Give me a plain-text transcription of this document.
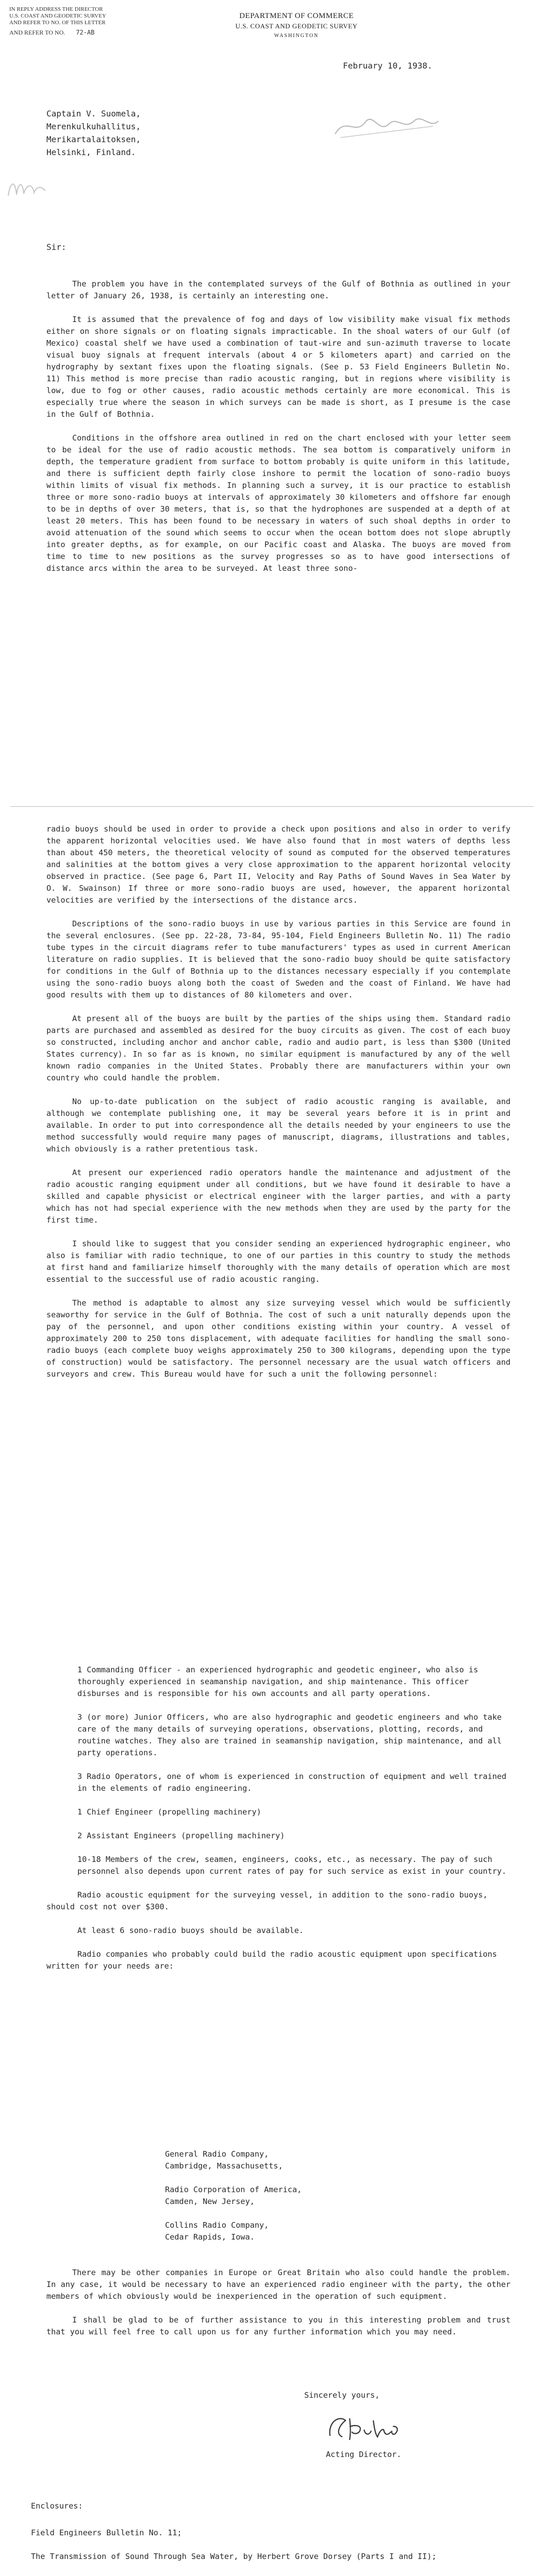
IN REPLY ADDRESS THE DIRECTOR
U.S. COAST AND GEODETIC SURVEY
AND REFER TO NO. OF THIS LETTER
AND REFER TO NO. 72-AB
DEPARTMENT OF COMMERCE
U.S. COAST AND GEODETIC SURVEY
WASHINGTON
February 10, 1938.
Captain V. Suomela,
Merenkulkuhallitus,
Merikartalaitoksen,
Helsinki, Finland.
Sir:

The problem you have in the contemplated surveys of the Gulf of Bothnia as outlined in your letter of January 26, 1938, is certainly an interesting one.

It is assumed that the prevalence of fog and days of low visibility make visual fix methods either on shore signals or on floating signals impracticable. In the shoal waters of our Gulf (of Mexico) coastal shelf we have used a combination of taut-wire and sun-azimuth traverse to locate visual buoy signals at frequent intervals (about 4 or 5 kilometers apart) and carried on the hydrography by sextant fixes upon the floating signals. (See p. 53 Field Engineers Bulletin No. 11) This method is more precise than radio acoustic ranging, but in regions where visibility is low, due to fog or other causes, radio acoustic methods certainly are more economical. This is especially true where the season in which surveys can be made is short, as I presume is the case in the Gulf of Bothnia.

Conditions in the offshore area outlined in red on the chart enclosed with your letter seem to be ideal for the use of radio acoustic methods. The sea bottom is comparatively uniform in depth, the temperature gradient from surface to bottom probably is quite uniform in this latitude, and there is sufficient depth fairly close inshore to permit the location of sono-radio buoys within limits of visual fix methods. In planning such a survey, it is our practice to establish three or more sono-radio buoys at intervals of approximately 30 kilometers and offshore far enough to be in depths of over 30 meters, that is, so that the hydrophones are suspended at a depth of at least 20 meters. This has been found to be necessary in waters of such shoal depths in order to avoid attenuation of the sound which seems to occur when the ocean bottom does not slope abruptly into greater depths, as for example, on our Pacific coast and Alaska. The buoys are moved from time to time to new positions as the survey progresses so as to have good intersections of distance arcs within the area to be surveyed. At least three sono-

radio buoys should be used in order to provide a check upon positions and also in order to verify the apparent horizontal velocities used. We have also found that in most waters of depths less than about 450 meters, the theoretical velocity of sound as computed for the observed temperatures and salinities at the bottom gives a very close approximation to the apparent horizontal velocity observed in practice. (See page 6, Part II, Velocity and Ray Paths of Sound Waves in Sea Water by O. W. Swainson) If three or more sono-radio buoys are used, however, the apparent horizontal velocities are verified by the intersections of the distance arcs.

Descriptions of the sono-radio buoys in use by various parties in this Service are found in the several enclosures. (See pp. 22-28, 73-84, 95-104, Field Engineers Bulletin No. 11) The radio tube types in the circuit diagrams refer to tube manufacturers' types as used in current American literature on radio supplies. It is believed that the sono-radio buoy should be quite satisfactory for conditions in the Gulf of Bothnia up to the distances necessary especially if you contemplate using the sono-radio buoys along both the coast of Sweden and the coast of Finland. We have had good results with them up to distances of 80 kilometers and over.

At present all of the buoys are built by the parties of the ships using them. Standard radio parts are purchased and assembled as desired for the buoy circuits as given. The cost of each buoy so constructed, including anchor and anchor cable, radio and audio part, is less than $300 (United States currency). In so far as is known, no similar equipment is manufactured by any of the well known radio companies in the United States. Probably there are manufacturers within your own country who could handle the problem.

No up-to-date publication on the subject of radio acoustic ranging is available, and although we contemplate publishing one, it may be several years before it is in print and available. In order to put into correspondence all the details needed by your engineers to use the method successfully would require many pages of manuscript, diagrams, illustrations and tables, which obviously is a rather pretentious task.

At present our experienced radio operators handle the maintenance and adjustment of the radio acoustic ranging equipment under all conditions, but we have found it desirable to have a skilled and capable physicist or electrical engineer with the larger parties, and with a party which has not had special experience with the new methods when they are used by the party for the first time.

I should like to suggest that you consider sending an experienced hydrographic engineer, who also is familiar with radio technique, to one of our parties in this country to study the methods at first hand and familiarize himself thoroughly with the many details of operation which are most essential to the successful use of radio acoustic ranging.

The method is adaptable to almost any size surveying vessel which would be sufficiently seaworthy for service in the Gulf of Bothnia. The cost of such a unit naturally depends upon the pay of the personnel, and upon other conditions existing within your country. A vessel of approximately 200 to 250 tons displacement, with adequate facilities for handling the small sono-radio buoys (each complete buoy weighs approximately 250 to 300 kilograms, depending upon the type of construction) would be satisfactory. The personnel necessary are the usual watch officers and surveyors and crew. This Bureau would have for such a unit the following personnel:

1 Commanding Officer - an experienced hydrographic and geodetic engineer, who also is thoroughly experienced in seamanship navigation, and ship maintenance. This officer disburses and is responsible for his own accounts and all party operations.

3 (or more) Junior Officers, who are also hydrographic and geodetic engineers and who take care of the many details of surveying operations, observations, plotting, records, and routine watches. They also are trained in seamanship navigation, ship maintenance, and all party operations.

3 Radio Operators, one of whom is experienced in construction of equipment and well trained in the elements of radio engineering.

1 Chief Engineer (propelling machinery)

2 Assistant Engineers (propelling machinery)

10-18 Members of the crew, seamen, engineers, cooks, etc., as necessary. The pay of such personnel also depends upon current rates of pay for such service as exist in your country.

Radio acoustic equipment for the surveying vessel, in addition to the sono-radio buoys, should cost not over $300.

At least 6 sono-radio buoys should be available.

Radio companies who probably could build the radio acoustic equipment upon specifications written for your needs are:

General Radio Company,
Cambridge, Massachusetts,
Radio Corporation of America,
Camden, New Jersey,
Collins Radio Company,
Cedar Rapids, Iowa.

There may be other companies in Europe or Great Britain who also could handle the problem. In any case, it would be necessary to have an experienced radio engineer with the party, the other members of which obviously would be inexperienced in the operation of such equipment.

I shall be glad to be of further assistance to you in this interesting problem and trust that you will feel free to call upon us for any further information which you may need.

Sincerely yours,
Acting Director.
Enclosures:

Field Engineers Bulletin No. 11;

The Transmission of Sound Through Sea Water, by Herbert Grove Dorsey (Parts I and II);
